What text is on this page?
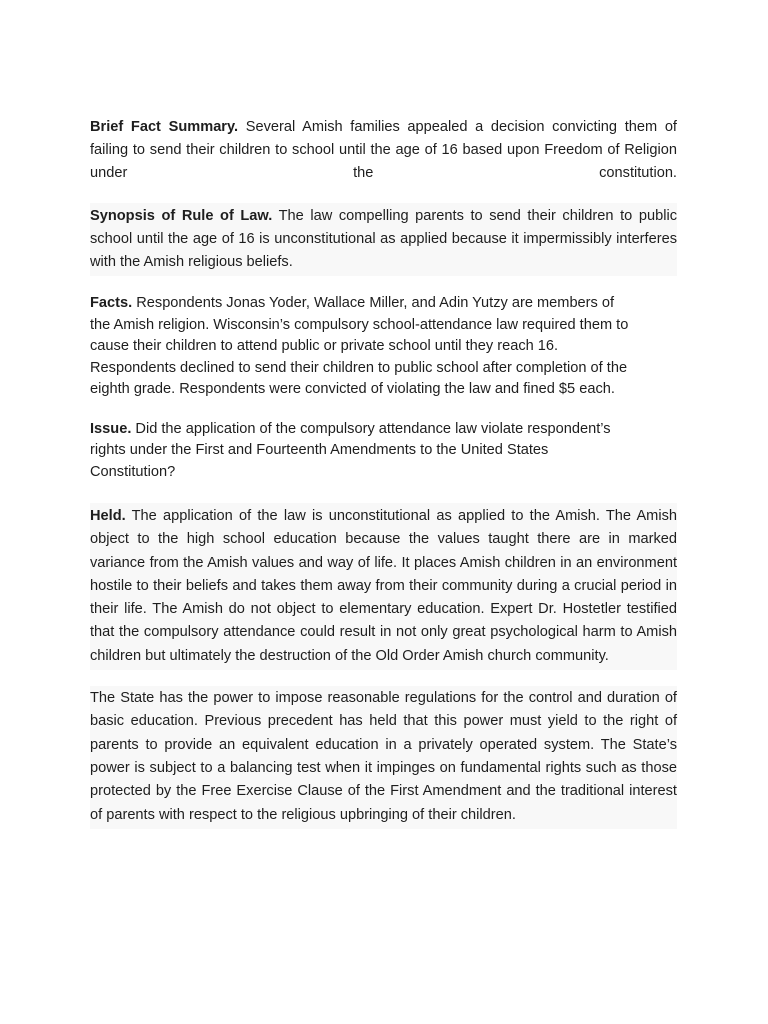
Brief Fact Summary. Several Amish families appealed a decision convicting them of failing to send their children to school until the age of 16 based upon Freedom of Religion under the constitution.

Synopsis of Rule of Law. The law compelling parents to send their children to public school until the age of 16 is unconstitutional as applied because it impermissibly interferes with the Amish religious beliefs.

Facts. Respondents Jonas Yoder, Wallace Miller, and Adin Yutzy are members of
the Amish religion. Wisconsin’s compulsory school-attendance law required them to
cause their children to attend public or private school until they reach 16.
Respondents declined to send their children to public school after completion of the
eighth grade. Respondents were convicted of violating the law and fined $5 each.

Issue. Did the application of the compulsory attendance law violate respondent’s
rights under the First and Fourteenth Amendments to the United States
Constitution?

Held. The application of the law is unconstitutional as applied to the Amish. The Amish object to the high school education because the values taught there are in marked variance from the Amish values and way of life. It places Amish children in an environment hostile to their beliefs and takes them away from their community during a crucial period in their life. The Amish do not object to elementary education. Expert Dr. Hostetler testified that the compulsory attendance could result in not only great psychological harm to Amish children but ultimately the destruction of the Old Order Amish church community.

The State has the power to impose reasonable regulations for the control and duration of basic education. Previous precedent has held that this power must yield to the right of parents to provide an equivalent education in a privately operated system. The State’s power is subject to a balancing test when it impinges on fundamental rights such as those protected by the Free Exercise Clause of the First Amendment and the traditional interest of parents with respect to the religious upbringing of their children.
